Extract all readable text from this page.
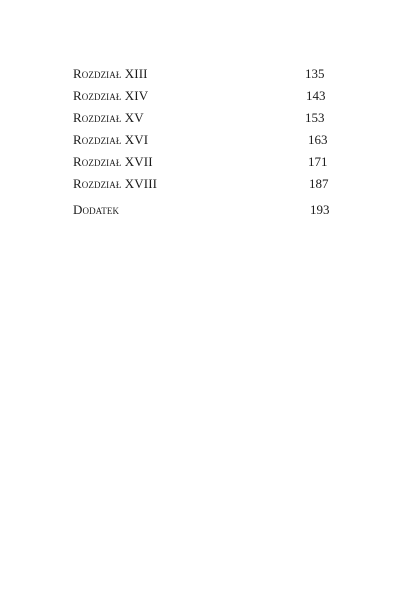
Rozdział XIII	135
Rozdział XIV	143
Rozdział XV	153
Rozdział XVI	163
Rozdział XVII	171
Rozdział XVIII	187
Dodatek	193
